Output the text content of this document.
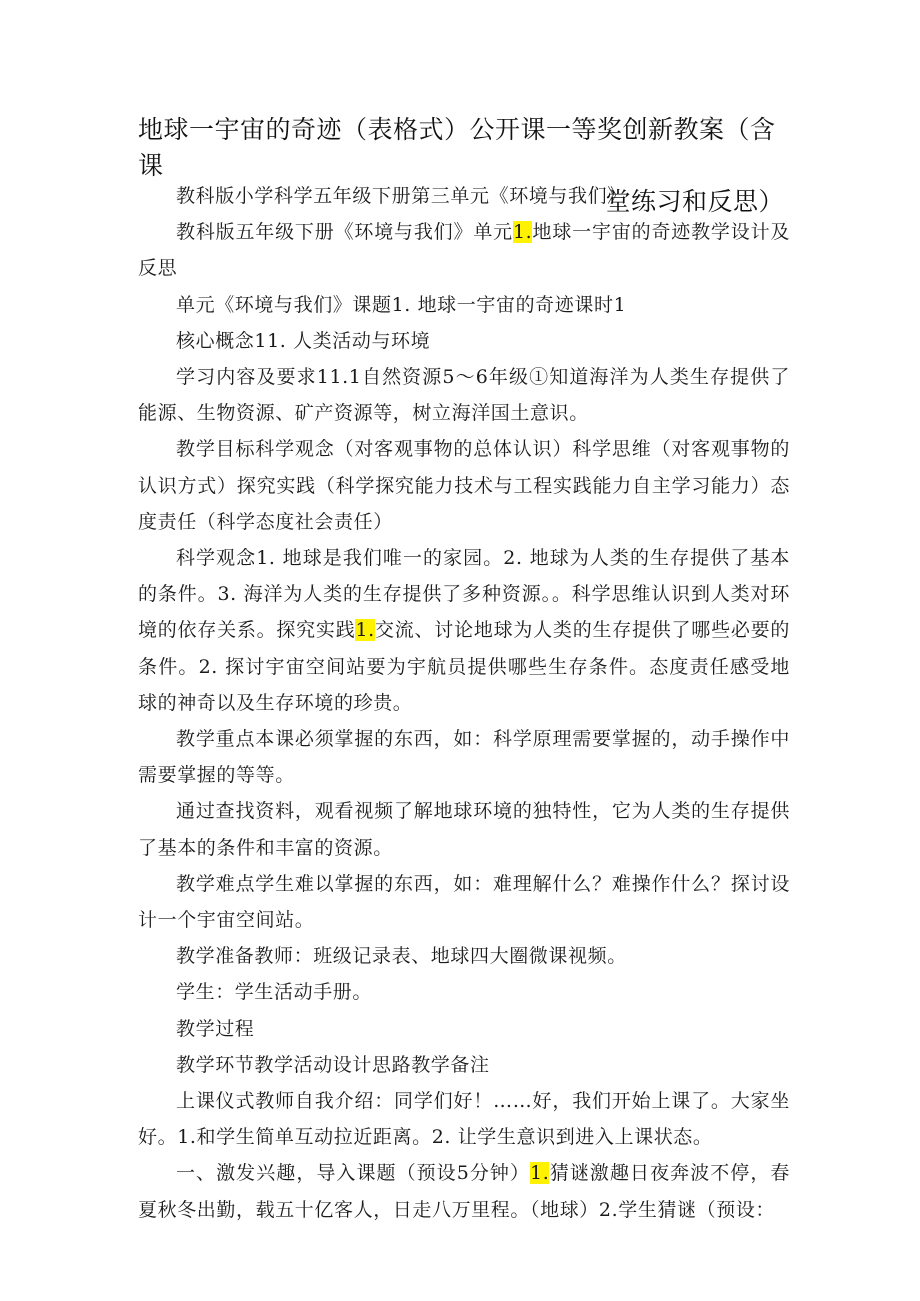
地球一宇宙的奇迹（表格式）公开课一等奖创新教案（含课
堂练习和反思）

教科版小学科学五年级下册第三单元《环境与我们》

教科版五年级下册《环境与我们》单元1.地球一宇宙的奇迹教学设计及反思

单元《环境与我们》课题1. 地球一宇宙的奇迹课时1

核心概念11. 人类活动与环境

学习内容及要求11.1自然资源5～6年级①知道海洋为人类生存提供了能源、生物资源、矿产资源等，树立海洋国土意识。

教学目标科学观念（对客观事物的总体认识）科学思维（对客观事物的认识方式）探究实践（科学探究能力技术与工程实践能力自主学习能力）态度责任（科学态度社会责任）

科学观念1. 地球是我们唯一的家园。2. 地球为人类的生存提供了基本的条件。3. 海洋为人类的生存提供了多种资源。。科学思维认识到人类对环境的依存关系。探究实践1.交流、讨论地球为人类的生存提供了哪些必要的条件。2. 探讨宇宙空间站要为宇航员提供哪些生存条件。态度责任感受地球的神奇以及生存环境的珍贵。

教学重点本课必须掌握的东西，如：科学原理需要掌握的，动手操作中需要掌握的等等。

通过查找资料，观看视频了解地球环境的独特性，它为人类的生存提供了基本的条件和丰富的资源。

教学难点学生难以掌握的东西，如：难理解什么？难操作什么？探讨设计一个宇宙空间站。

教学准备教师：班级记录表、地球四大圈微课视频。

学生：学生活动手册。

教学过程

教学环节教学活动设计思路教学备注

上课仪式教师自我介绍：同学们好！……好，我们开始上课了。大家坐好。1.和学生简单互动拉近距离。2. 让学生意识到进入上课状态。

一、激发兴趣，导入课题（预设5分钟）1.猜谜激趣日夜奔波不停，春夏秋冬出勤，载五十亿客人，日走八万里程。（地球）2.学生猜谜（预设：
